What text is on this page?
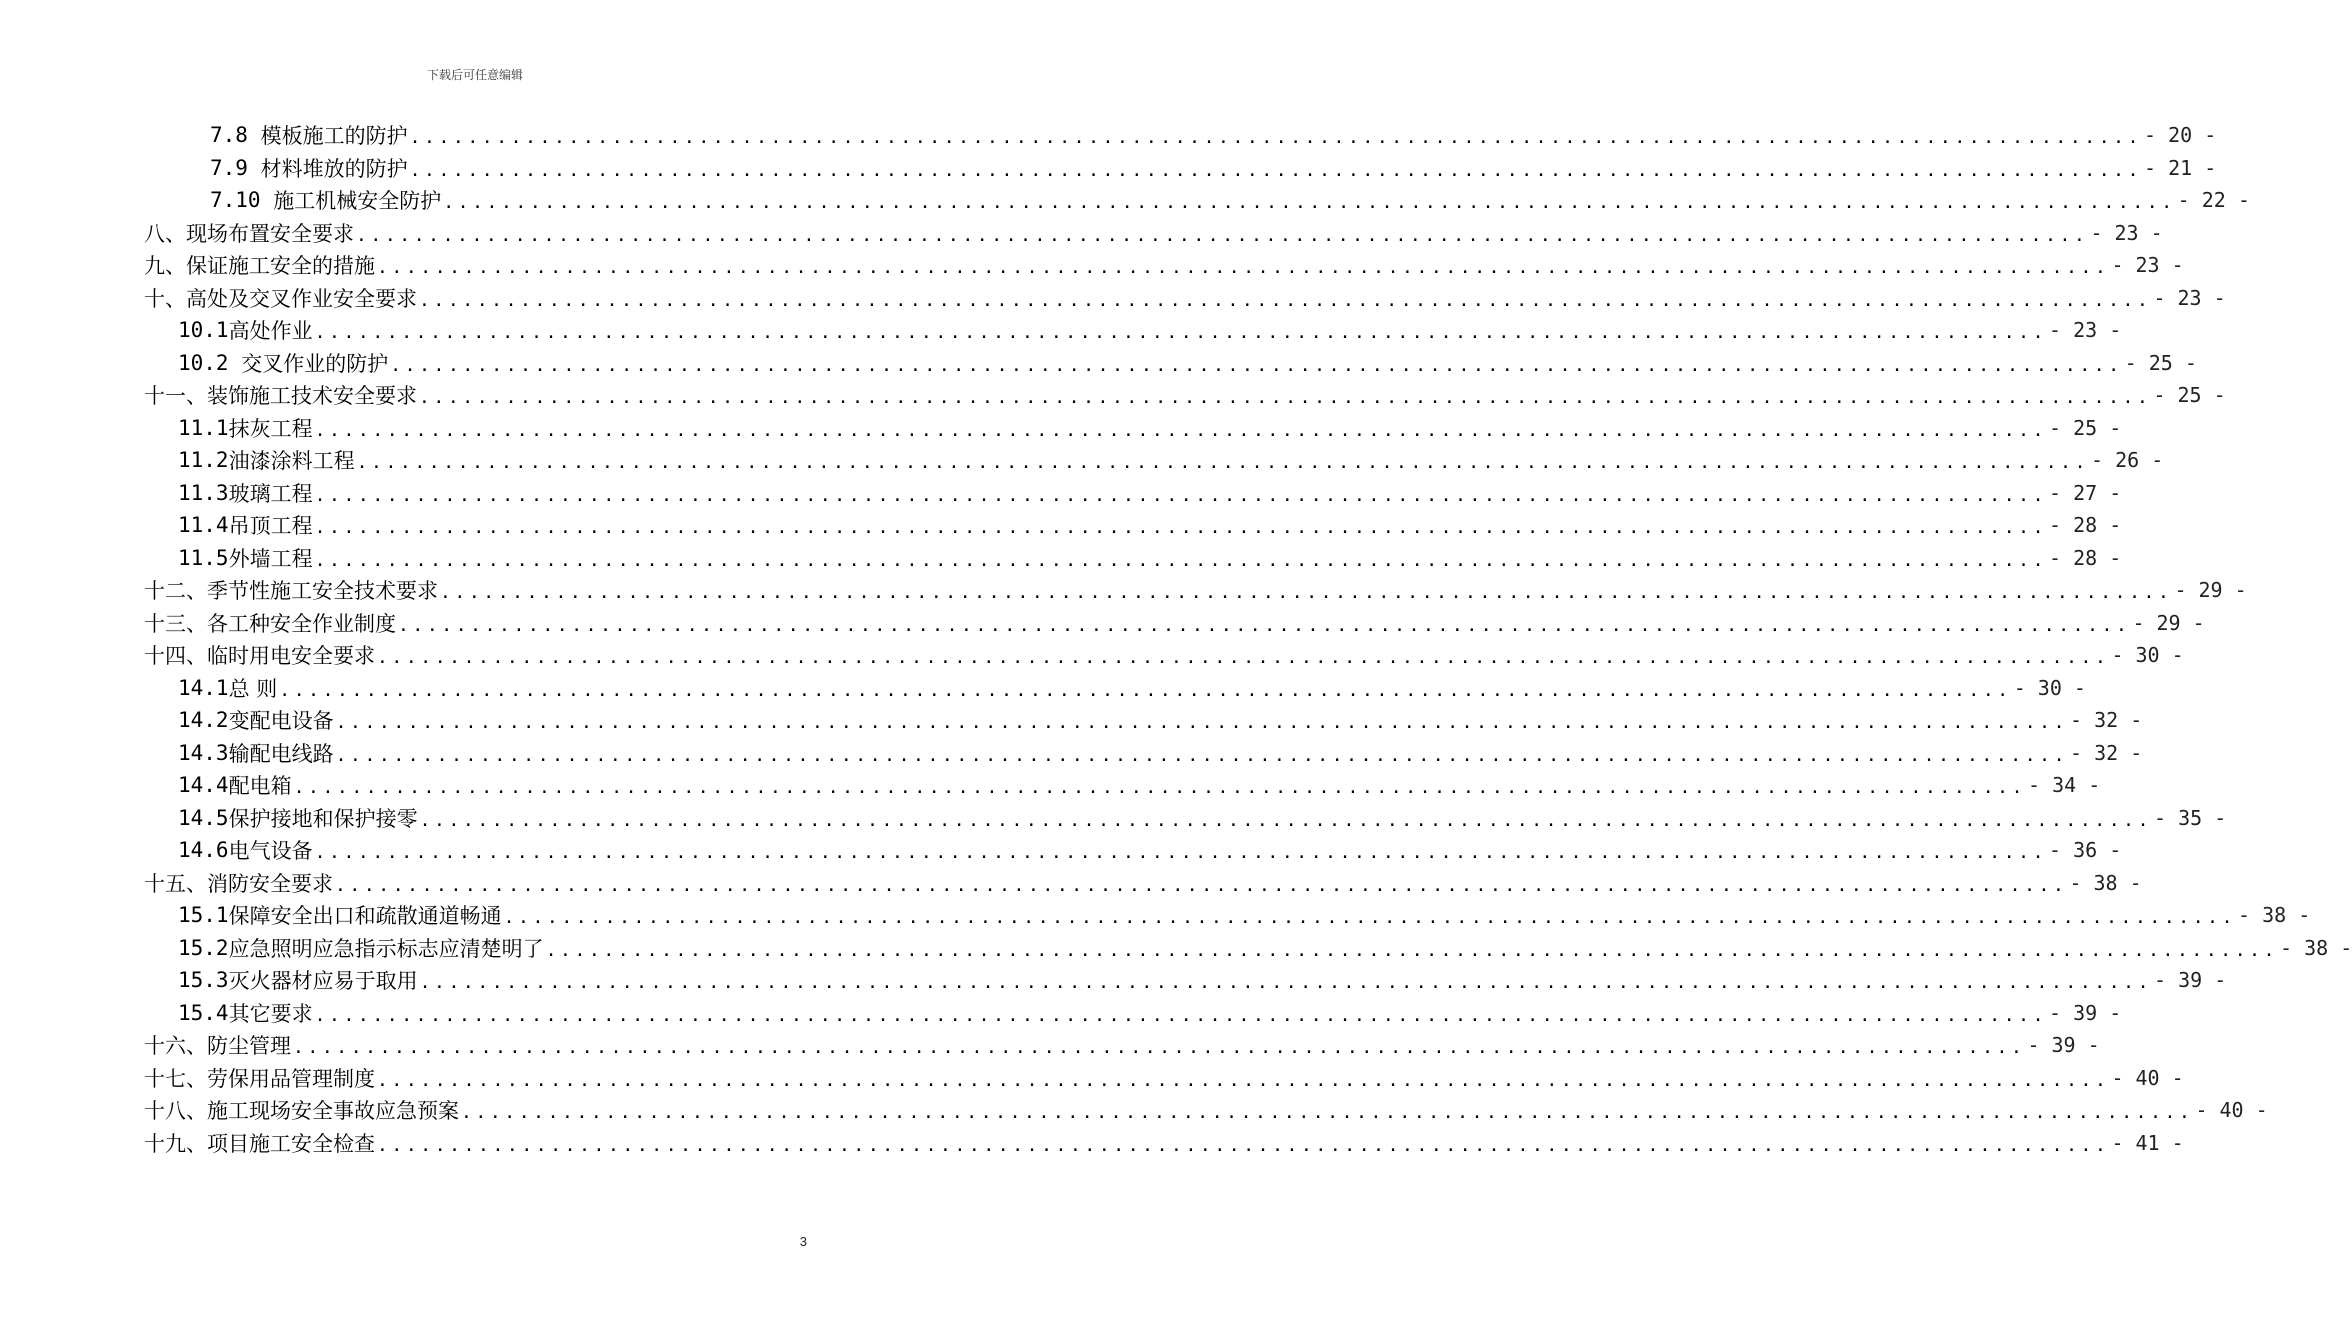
下载后可任意编辑
7.8 模板施工的防护 ........................................................................................................................ - 20 -
7.9 材料堆放的防护 ........................................................................................................................ - 21 -
7.10 施工机械安全防护 ........................................................................................................................ - 22 -
八、 现场布置安全要求 ........................................................................................................................ - 23 -
九、 保证施工安全的措施 ........................................................................................................................ - 23 -
十、 高处及交叉作业安全要求 ........................................................................................................................ - 23 -
10.1 高处作业 ........................................................................................................................ - 23 -
10.2 交叉作业的防护 ........................................................................................................................ - 25 -
十一、 装饰施工技术安全要求 ........................................................................................................................ - 25 -
11.1 抹灰工程 ........................................................................................................................ - 25 -
11.2 油漆涂料工程 ........................................................................................................................ - 26 -
11.3 玻璃工程 ........................................................................................................................ - 27 -
11.4 吊顶工程 ........................................................................................................................ - 28 -
11.5 外墙工程 ........................................................................................................................ - 28 -
十二、 季节性施工安全技术要求 ........................................................................................................................ - 29 -
十三、 各工种安全作业制度 ........................................................................................................................ - 29 -
十四、 临时用电安全要求 ........................................................................................................................ - 30 -
14.1 总 则 ........................................................................................................................ - 30 -
14.2 变配电设备 ........................................................................................................................ - 32 -
14.3 输配电线路 ........................................................................................................................ - 32 -
14.4 配电箱 ........................................................................................................................ - 34 -
14.5 保护接地和保护接零 ........................................................................................................................ - 35 -
14.6 电气设备 ........................................................................................................................ - 36 -
十五、 消防安全要求 ........................................................................................................................ - 38 -
15.1 保障安全出口和疏散通道畅通 ........................................................................................................................ - 38 -
15.2 应急照明应急指示标志应清楚明了 ........................................................................................................................ - 38 -
15.3 灭火器材应易于取用 ........................................................................................................................ - 39 -
15.4 其它要求 ........................................................................................................................ - 39 -
十六、 防尘管理 ........................................................................................................................ - 39 -
十七、 劳保用品管理制度 ........................................................................................................................ - 40 -
十八、 施工现场安全事故应急预案 ........................................................................................................................ - 40 -
十九、 项目施工安全检查 ........................................................................................................................ - 41 -
3
